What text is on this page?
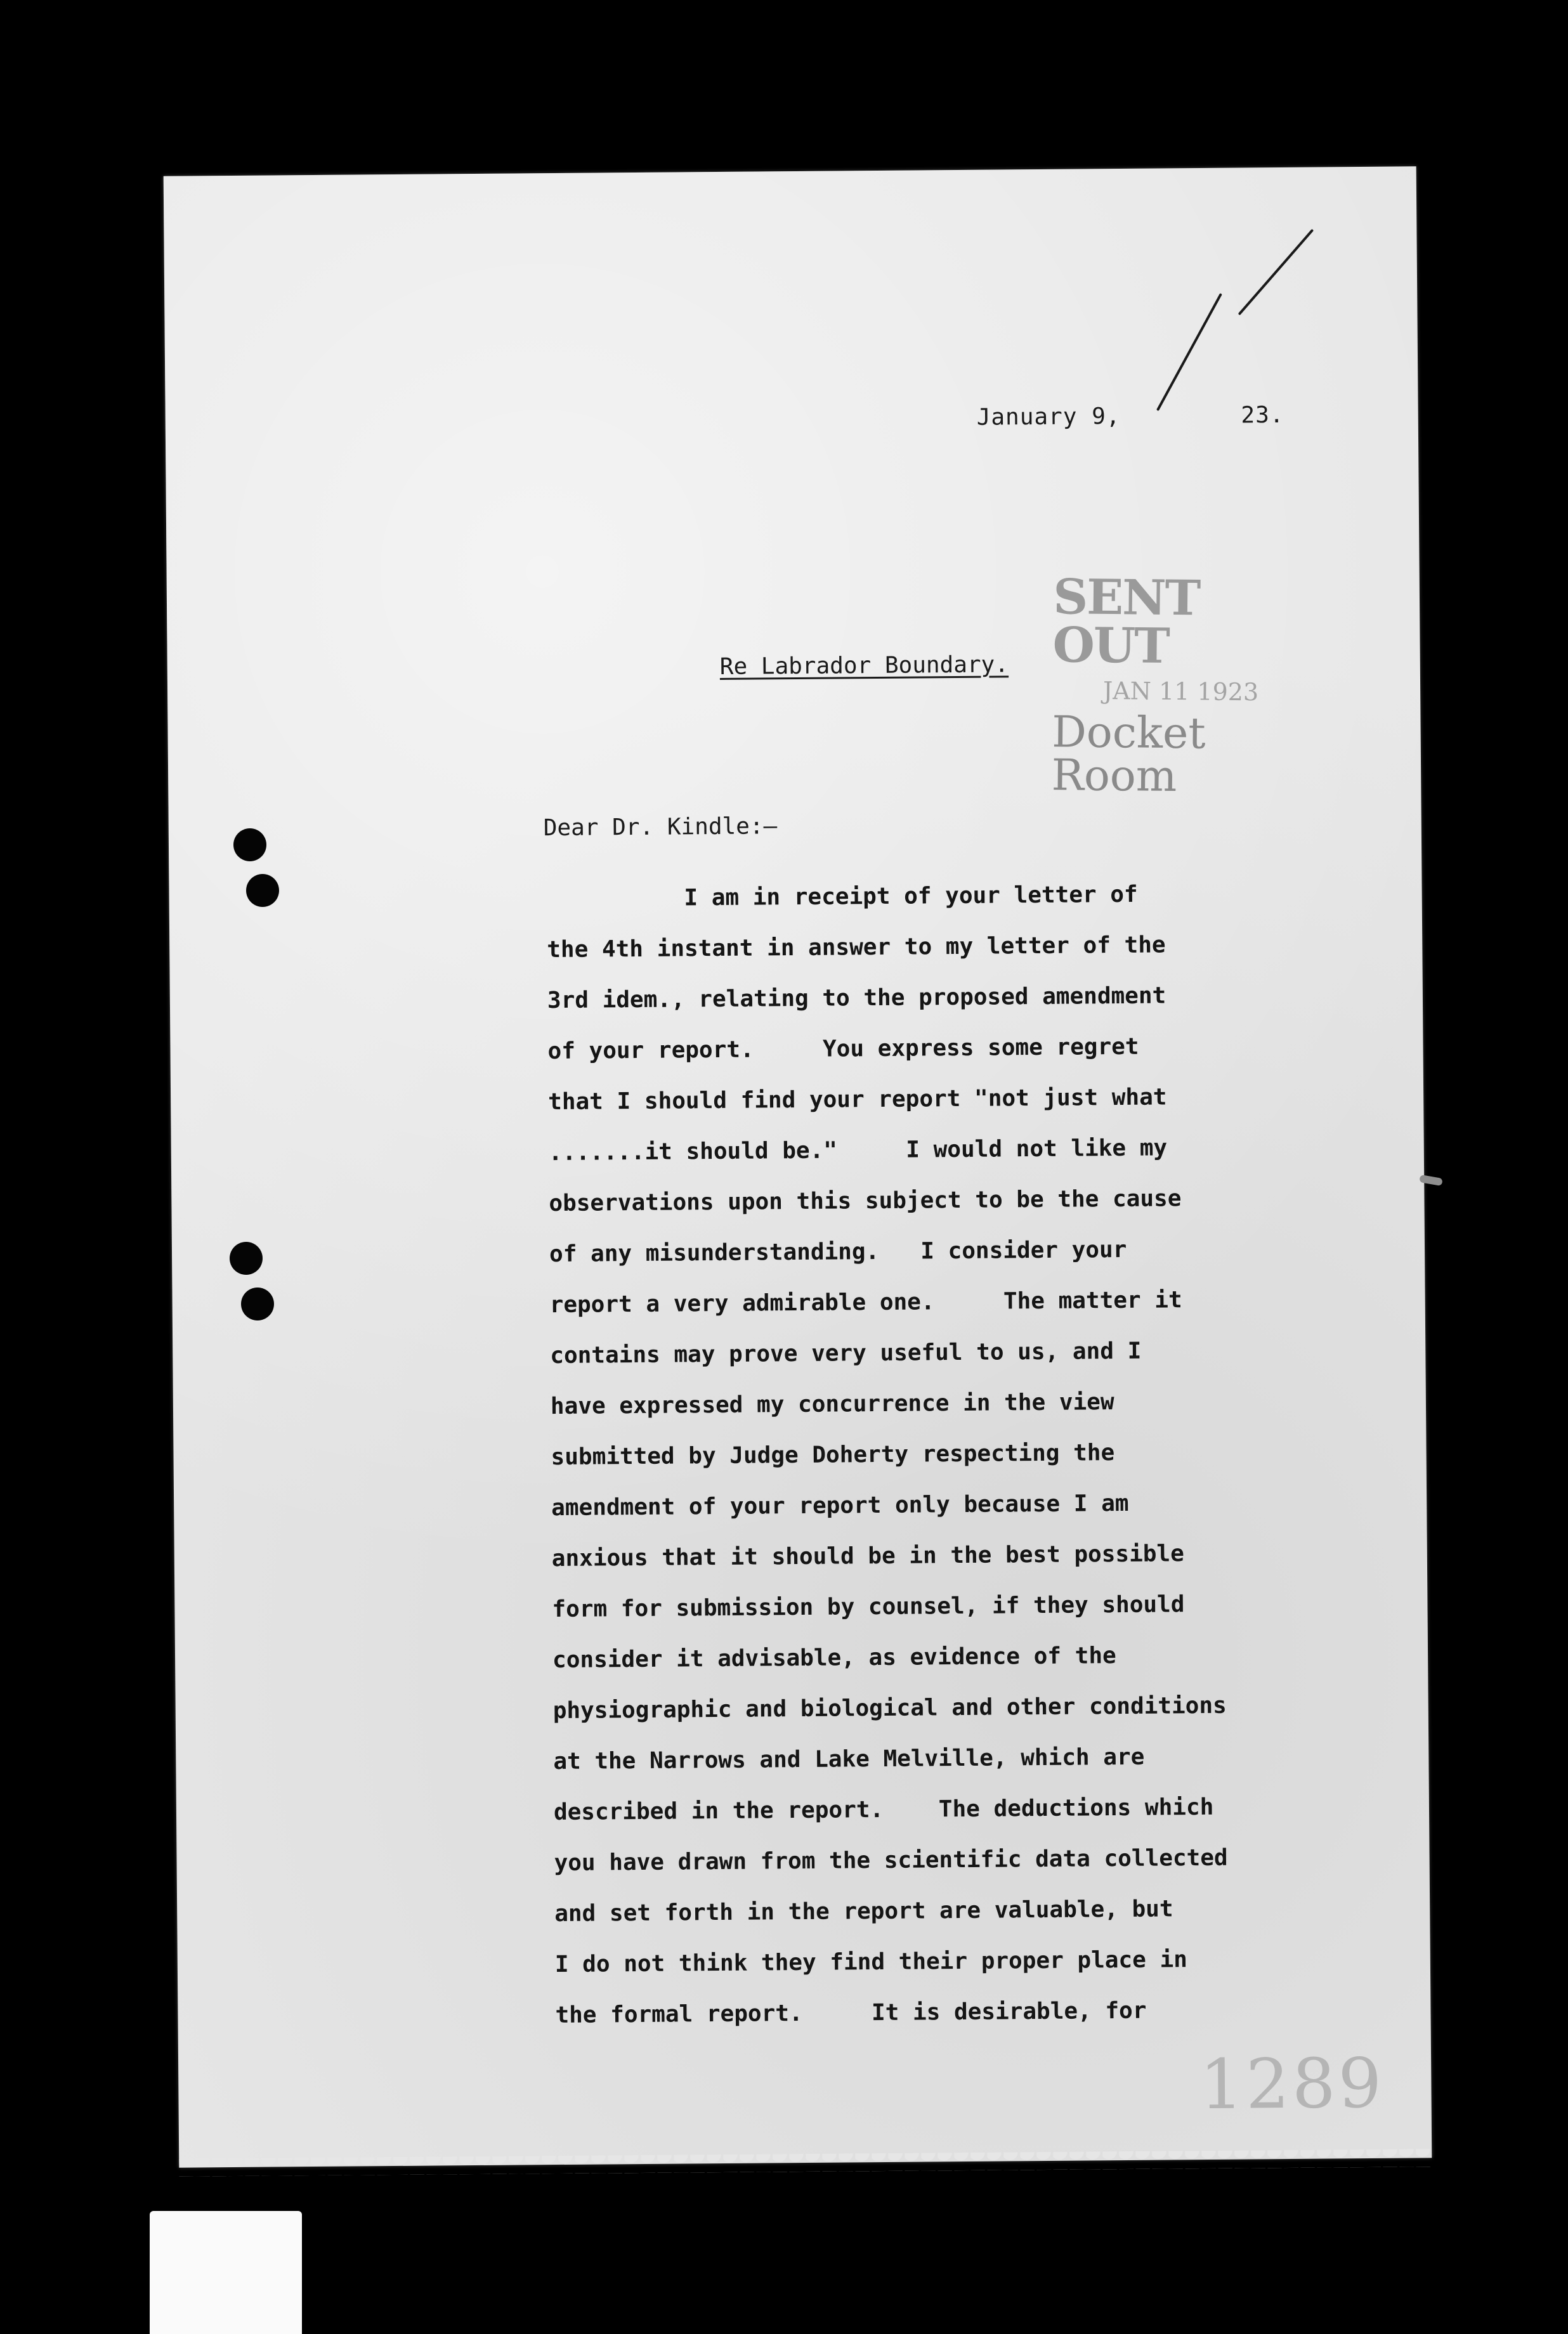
January 9,	23.
SENT OUT
JAN 11 1923
Docket Room
Re Labrador Boundary.
Dear Dr. Kindle:—
I am in receipt of your letter of
the 4th instant in answer to my letter of the
3rd idem., relating to the proposed amendment
of your report.     You express some regret
that I should find your report "not just what
.......it should be."     I would not like my
observations upon this subject to be the cause
of any misunderstanding.   I consider your
report a very admirable one.     The matter it
contains may prove very useful to us, and I
have expressed my concurrence in the view
submitted by Judge Doherty respecting the
amendment of your report only because I am
anxious that it should be in the best possible
form for submission by counsel, if they should
consider it advisable, as evidence of the
physiographic and biological and other conditions
at the Narrows and Lake Melville, which are
described in the report.    The deductions which
you have drawn from the scientific data collected
and set forth in the report are valuable, but
I do not think they find their proper place in
the formal report.     It is desirable, for
1289
